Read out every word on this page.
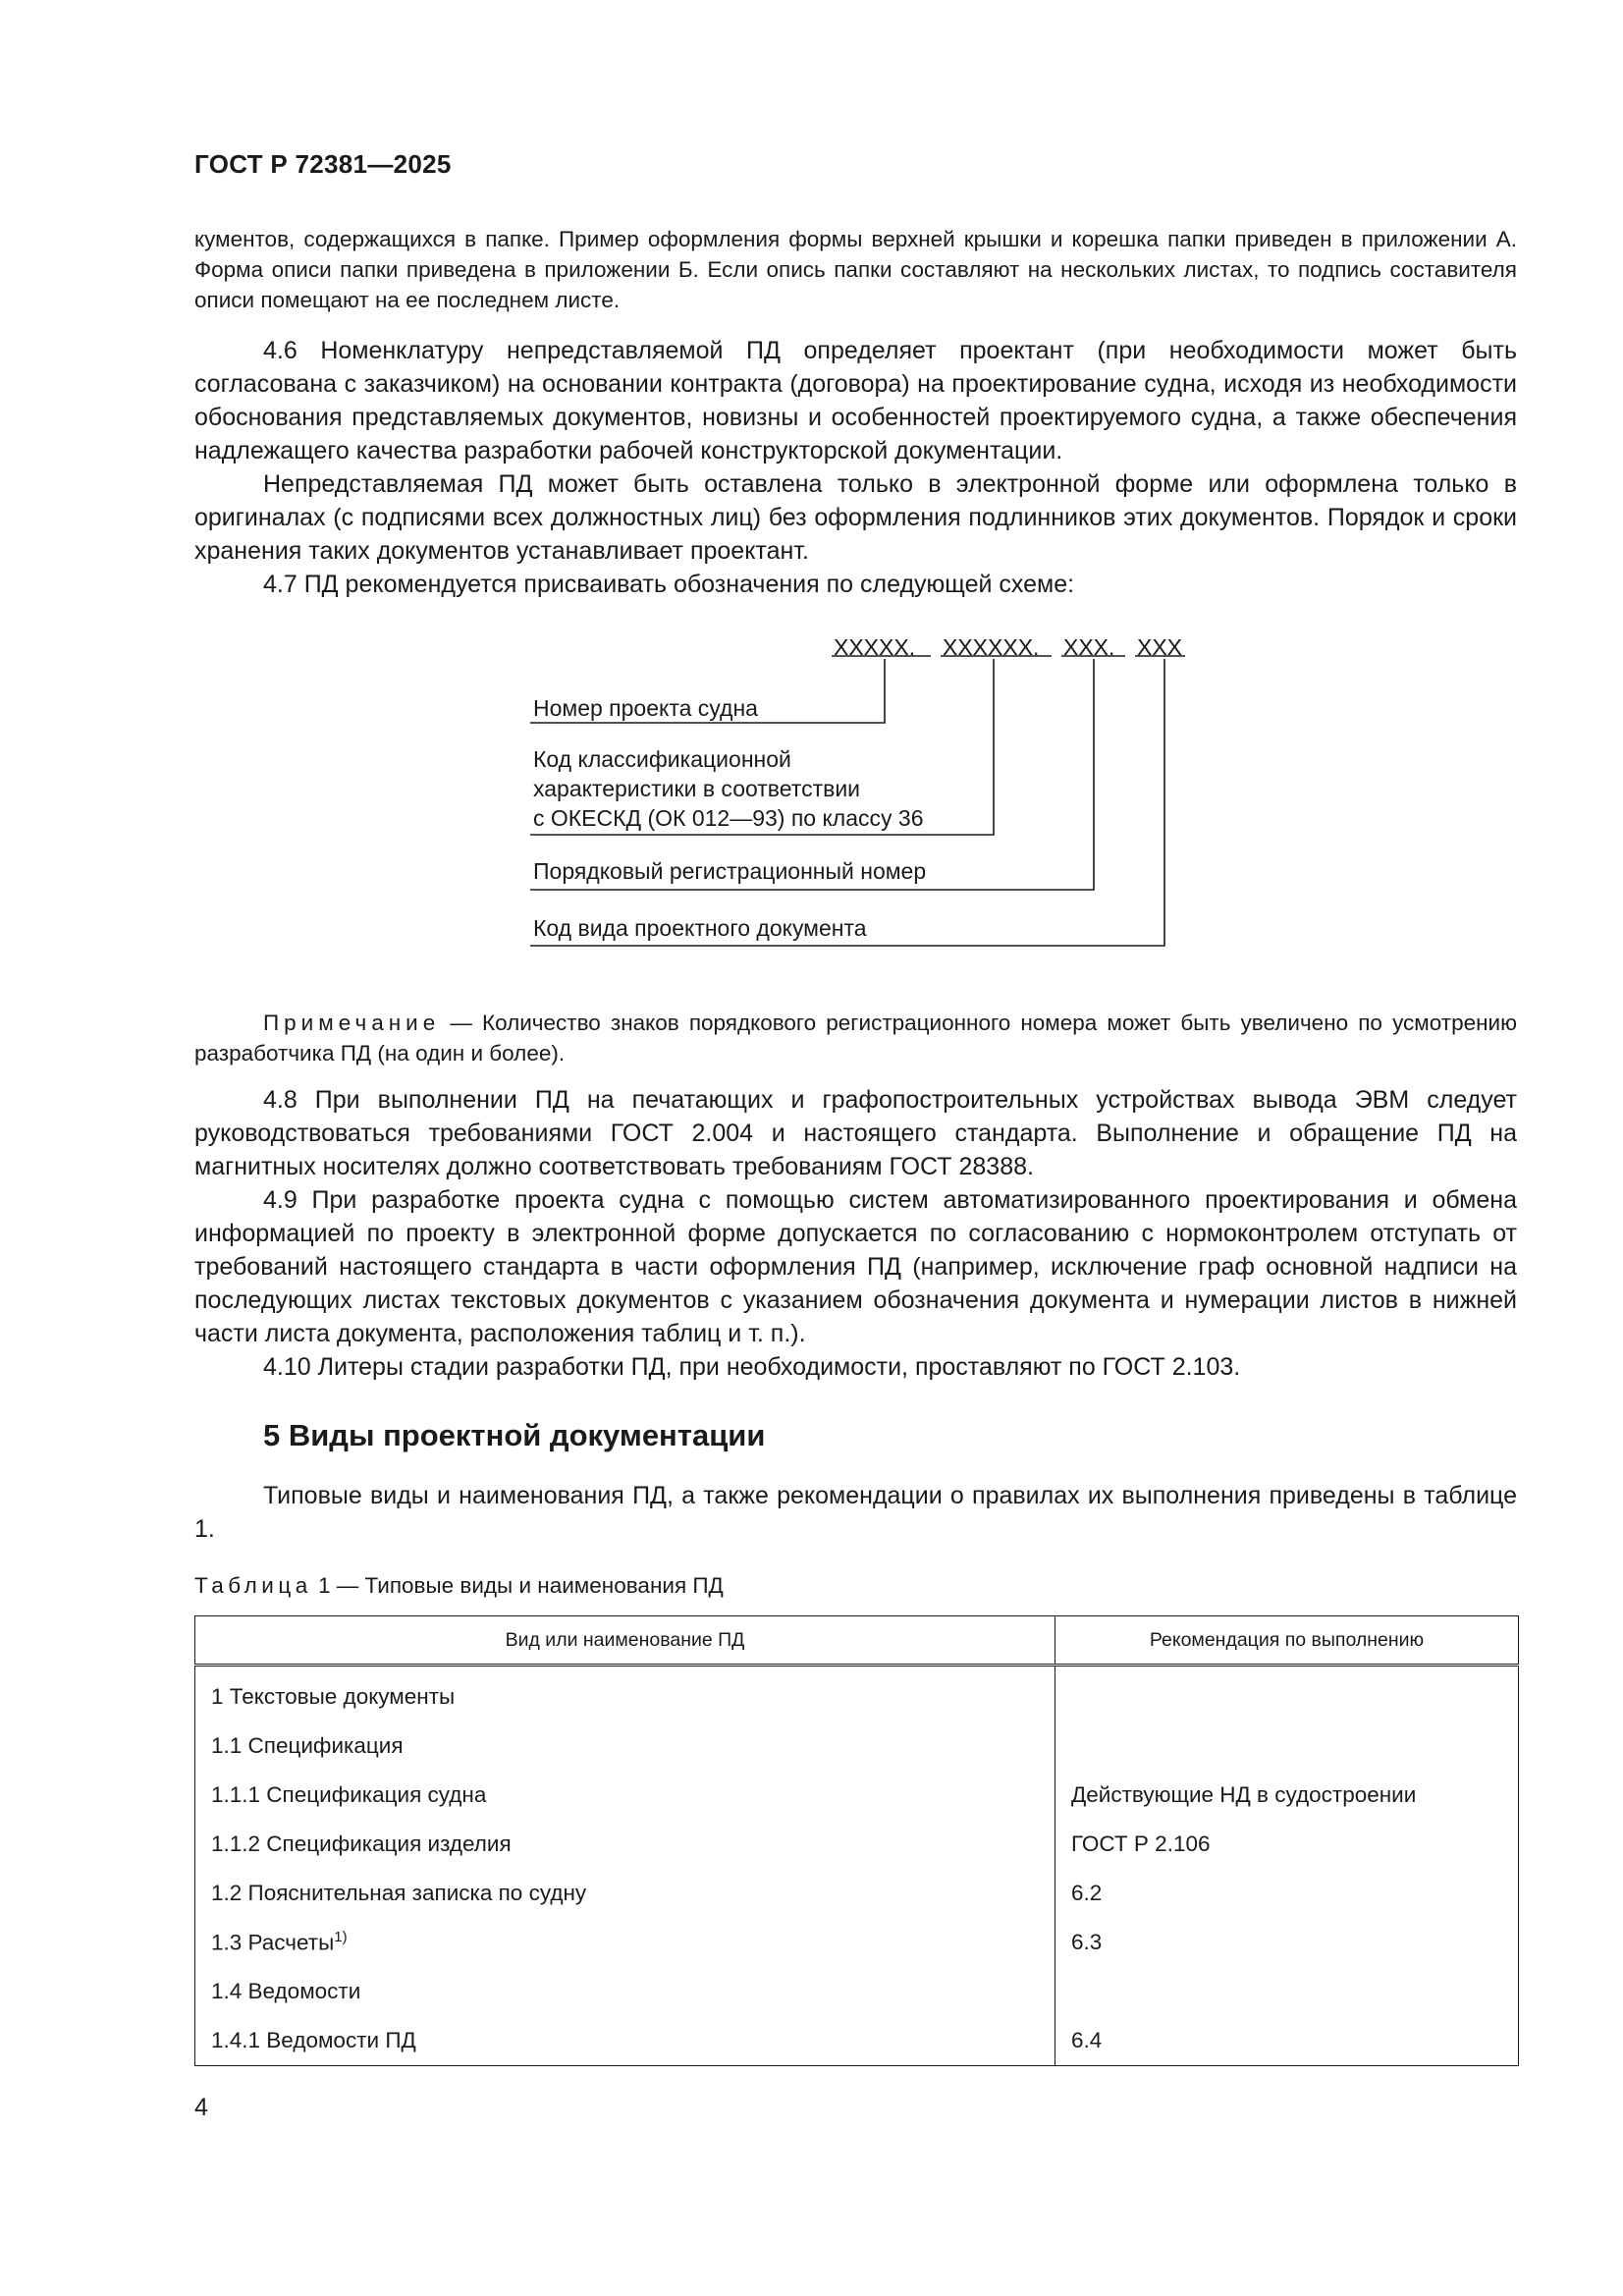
ГОСТ Р 72381—2025

кументов, содержащихся в папке. Пример оформления формы верхней крышки и корешка папки приведен в приложении А. Форма описи папки приведена в приложении Б. Если опись папки составляют на нескольких листах, то подпись составителя описи помещают на ее последнем листе.

4.6 Номенклатуру непредставляемой ПД определяет проектант (при необходимости может быть согласована с заказчиком) на основании контракта (договора) на проектирование судна, исходя из необходимости обоснования представляемых документов, новизны и особенностей проектируемого судна, а также обеспечения надлежащего качества разработки рабочей конструкторской документации.

Непредставляемая ПД может быть оставлена только в электронной форме или оформлена только в оригиналах (с подписями всех должностных лиц) без оформления подлинников этих документов. Порядок и сроки хранения таких документов устанавливает проектант.

4.7 ПД рекомендуется присваивать обозначения по следующей схеме:

XXXXX. XXXXXX. XXX. XXX
Номер проекта судна
Код классификационной
характеристики в соответствии
с ОКЕСКД (ОК 012—93) по классу 36
Порядковый регистрационный номер
Код вида проектного документа

Примечание — Количество знаков порядкового регистрационного номера может быть увеличено по усмотрению разработчика ПД (на один и более).

4.8 При выполнении ПД на печатающих и графопостроительных устройствах вывода ЭВМ следует руководствоваться требованиями ГОСТ 2.004 и настоящего стандарта. Выполнение и обращение ПД на магнитных носителях должно соответствовать требованиям ГОСТ 28388.

4.9 При разработке проекта судна с помощью систем автоматизированного проектирования и обмена информацией по проекту в электронной форме допускается по согласованию с нормоконтролем отступать от требований настоящего стандарта в части оформления ПД (например, исключение граф основной надписи на последующих листах текстовых документов с указанием обозначения документа и нумерации листов в нижней части листа документа, расположения таблиц и т. п.).

4.10 Литеры стадии разработки ПД, при необходимости, проставляют по ГОСТ 2.103.

5 Виды проектной документации

Типовые виды и наименования ПД, а также рекомендации о правилах их выполнения приведены в таблице 1.

Таблица 1 — Типовые виды и наименования ПД
Вид или наименование ПД	Рекомендация по выполнению
1 Текстовые документы	
1.1 Спецификация	
1.1.1 Спецификация судна	Действующие НД в судостроении
1.1.2 Спецификация изделия	ГОСТ Р 2.106
1.2 Пояснительная записка по судну	6.2
1.3 Расчеты$^{1)}$	6.3
1.4 Ведомости	
1.4.1 Ведомости ПД	6.4
4
